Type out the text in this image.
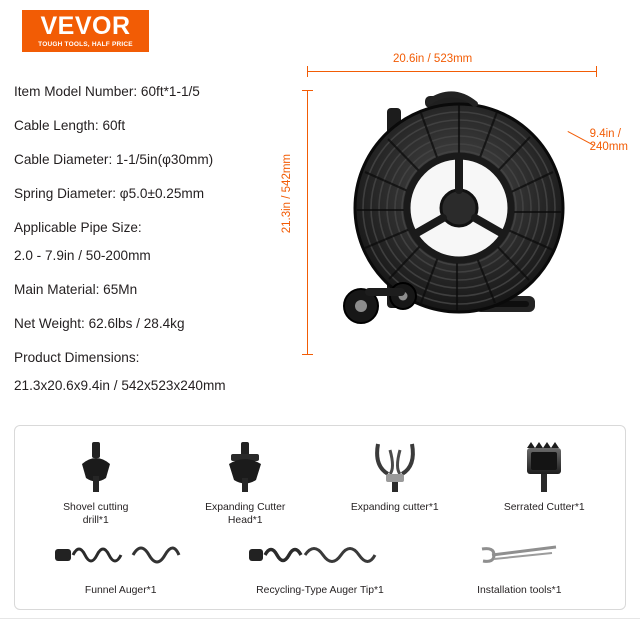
VEVOR
TOUGH TOOLS, HALF PRICE
Item Model Number: 60ft*1-1/5
Cable Length: 60ft
Cable Diameter: 1-1/5in(φ30mm)
Spring Diameter: φ5.0±0.25mm
Applicable Pipe Size:
2.0 - 7.9in / 50-200mm
Main Material: 65Mn
Net Weight: 62.6lbs / 28.4kg
Product Dimensions:
21.3x20.6x9.4in / 542x523x240mm
20.6in / 523mm
21.3in / 542mm
9.4in /
240mm
Shovel cutting
drill*1
Expanding Cutter
Head*1
Expanding cutter*1	Serrated Cutter*1
Funnel Auger*1	Recycling-Type Auger Tip*1	Installation tools*1
